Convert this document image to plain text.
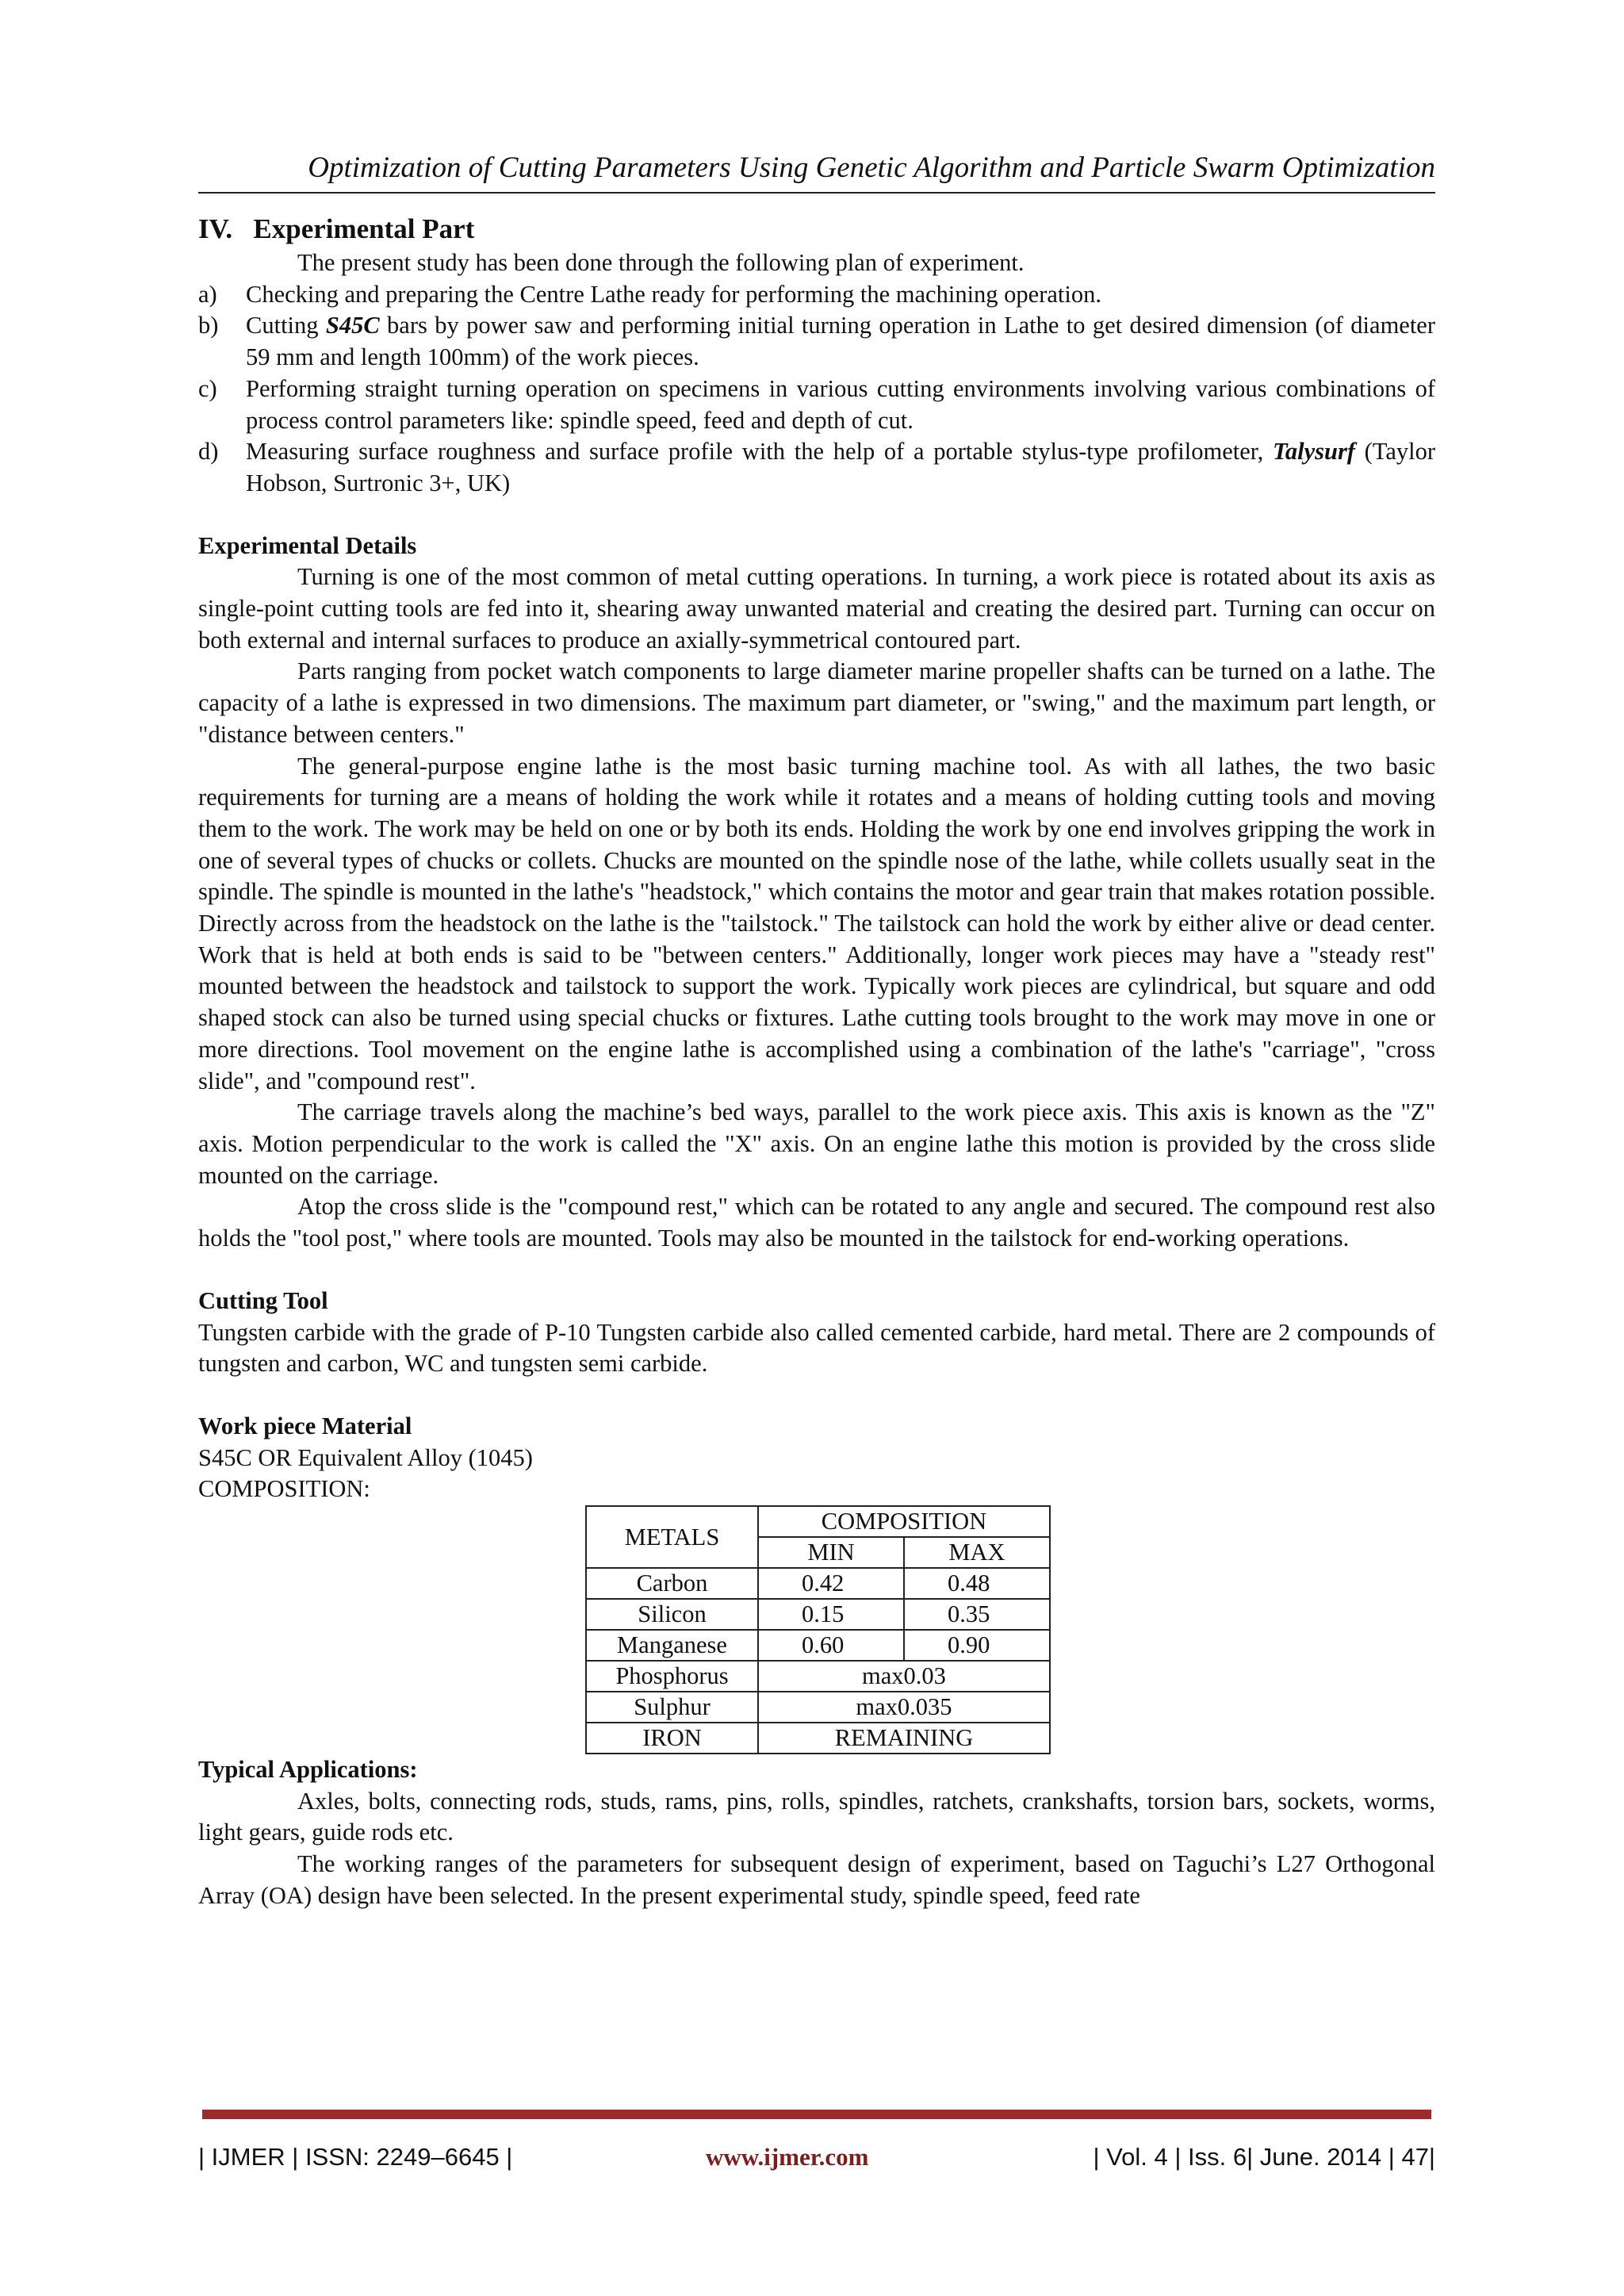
Optimization of Cutting Parameters Using Genetic Algorithm and Particle Swarm Optimization

IV. Experimental Part

The present study has been done through the following plan of experiment.

a)	Checking and preparing the Centre Lathe ready for performing the machining operation.
b)	Cutting S45C bars by power saw and performing initial turning operation in Lathe to get desired dimension (of diameter 59 mm and length 100mm) of the work pieces.
c)	Performing straight turning operation on specimens in various cutting environments involving various combinations of process control parameters like: spindle speed, feed and depth of cut.
d)	Measuring surface roughness and surface profile with the help of a portable stylus-type profilometer, Talysurf (Taylor Hobson, Surtronic 3+, UK)

Experimental Details

Turning is one of the most common of metal cutting operations. In turning, a work piece is rotated about its axis as single-point cutting tools are fed into it, shearing away unwanted material and creating the desired part. Turning can occur on both external and internal surfaces to produce an axially-symmetrical contoured part.

Parts ranging from pocket watch components to large diameter marine propeller shafts can be turned on a lathe. The capacity of a lathe is expressed in two dimensions. The maximum part diameter, or "swing," and the maximum part length, or "distance between centers."

The general-purpose engine lathe is the most basic turning machine tool. As with all lathes, the two basic requirements for turning are a means of holding the work while it rotates and a means of holding cutting tools and moving them to the work. The work may be held on one or by both its ends. Holding the work by one end involves gripping the work in one of several types of chucks or collets. Chucks are mounted on the spindle nose of the lathe, while collets usually seat in the spindle. The spindle is mounted in the lathe's "headstock," which contains the motor and gear train that makes rotation possible. Directly across from the headstock on the lathe is the "tailstock." The tailstock can hold the work by either alive or dead center. Work that is held at both ends is said to be "between centers." Additionally, longer work pieces may have a "steady rest" mounted between the headstock and tailstock to support the work. Typically work pieces are cylindrical, but square and odd shaped stock can also be turned using special chucks or fixtures. Lathe cutting tools brought to the work may move in one or more directions. Tool movement on the engine lathe is accomplished using a combination of the lathe's "carriage", "cross slide", and "compound rest".

The carriage travels along the machine’s bed ways, parallel to the work piece axis. This axis is known as the "Z" axis. Motion perpendicular to the work is called the "X" axis. On an engine lathe this motion is provided by the cross slide mounted on the carriage.

Atop the cross slide is the "compound rest," which can be rotated to any angle and secured. The compound rest also holds the "tool post," where tools are mounted. Tools may also be mounted in the tailstock for end-working operations.

Cutting Tool

Tungsten carbide with the grade of P-10 Tungsten carbide also called cemented carbide, hard metal. There are 2 compounds of tungsten and carbon, WC and tungsten semi carbide.

Work piece Material

S45C OR Equivalent Alloy (1045)

COMPOSITION:

METALS	COMPOSITION	
	MIN	MAX
Carbon	0.42	0.48
Silicon	0.15	0.35
Manganese	0.60	0.90
Phosphorus	max0.03	
Sulphur	max0.035	
IRON	REMAINING	

Typical Applications:

Axles, bolts, connecting rods, studs, rams, pins, rolls, spindles, ratchets, crankshafts, torsion bars, sockets, worms, light gears, guide rods etc.

The working ranges of the parameters for subsequent design of experiment, based on Taguchi’s L27 Orthogonal Array (OA) design have been selected. In the present experimental study, spindle speed, feed rate

| IJMER | ISSN: 2249–6645 |	www.ijmer.com	| Vol. 4 | Iss. 6| June. 2014 | 47|
